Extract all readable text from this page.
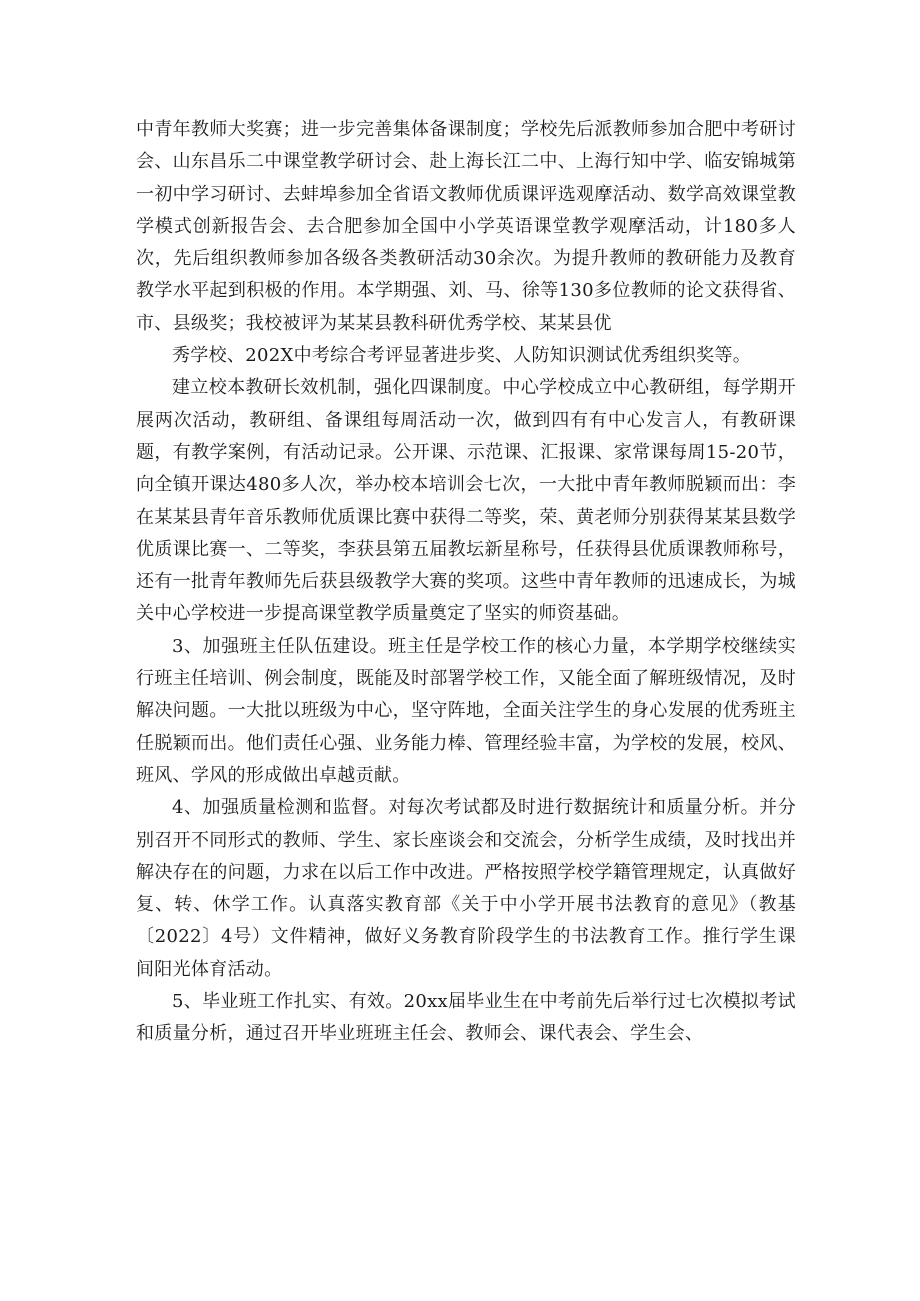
中青年教师大奖赛；进一步完善集体备课制度；学校先后派教师参加合肥中考研讨会、山东昌乐二中课堂教学研讨会、赴上海长江二中、上海行知中学、临安锦城第一初中学习研讨、去蚌埠参加全省语文教师优质课评选观摩活动、数学高效课堂教学模式创新报告会、去合肥参加全国中小学英语课堂教学观摩活动，计180多人次，先后组织教师参加各级各类教研活动30余次。为提升教师的教研能力及教育教学水平起到积极的作用。本学期强、刘、马、徐等130多位教师的论文获得省、市、县级奖；我校被评为某某县教科研优秀学校、某某县优

秀学校、202X中考综合考评显著进步奖、人防知识测试优秀组织奖等。

建立校本教研长效机制，强化四课制度。中心学校成立中心教研组，每学期开展两次活动，教研组、备课组每周活动一次，做到四有有中心发言人，有教研课题，有教学案例，有活动记录。公开课、示范课、汇报课、家常课每周15-20节，向全镇开课达480多人次，举办校本培训会七次，一大批中青年教师脱颖而出：李在某某县青年音乐教师优质课比赛中获得二等奖，荣、黄老师分别获得某某县数学优质课比赛一、二等奖，李获县第五届教坛新星称号，任获得县优质课教师称号，还有一批青年教师先后获县级教学大赛的奖项。这些中青年教师的迅速成长，为城关中心学校进一步提高课堂教学质量奠定了坚实的师资基础。

3、加强班主任队伍建设。班主任是学校工作的核心力量，本学期学校继续实行班主任培训、例会制度，既能及时部署学校工作，又能全面了解班级情况，及时解决问题。一大批以班级为中心，坚守阵地，全面关注学生的身心发展的优秀班主任脱颖而出。他们责任心强、业务能力棒、管理经验丰富，为学校的发展，校风、班风、学风的形成做出卓越贡献。

4、加强质量检测和监督。对每次考试都及时进行数据统计和质量分析。并分别召开不同形式的教师、学生、家长座谈会和交流会，分析学生成绩，及时找出并解决存在的问题，力求在以后工作中改进。严格按照学校学籍管理规定，认真做好复、转、休学工作。认真落实教育部《关于中小学开展书法教育的意见》（教基〔2022〕4号）文件精神，做好义务教育阶段学生的书法教育工作。推行学生课间阳光体育活动。

5、毕业班工作扎实、有效。20xx届毕业生在中考前先后举行过七次模拟考试和质量分析，通过召开毕业班班主任会、教师会、课代表会、学生会、
